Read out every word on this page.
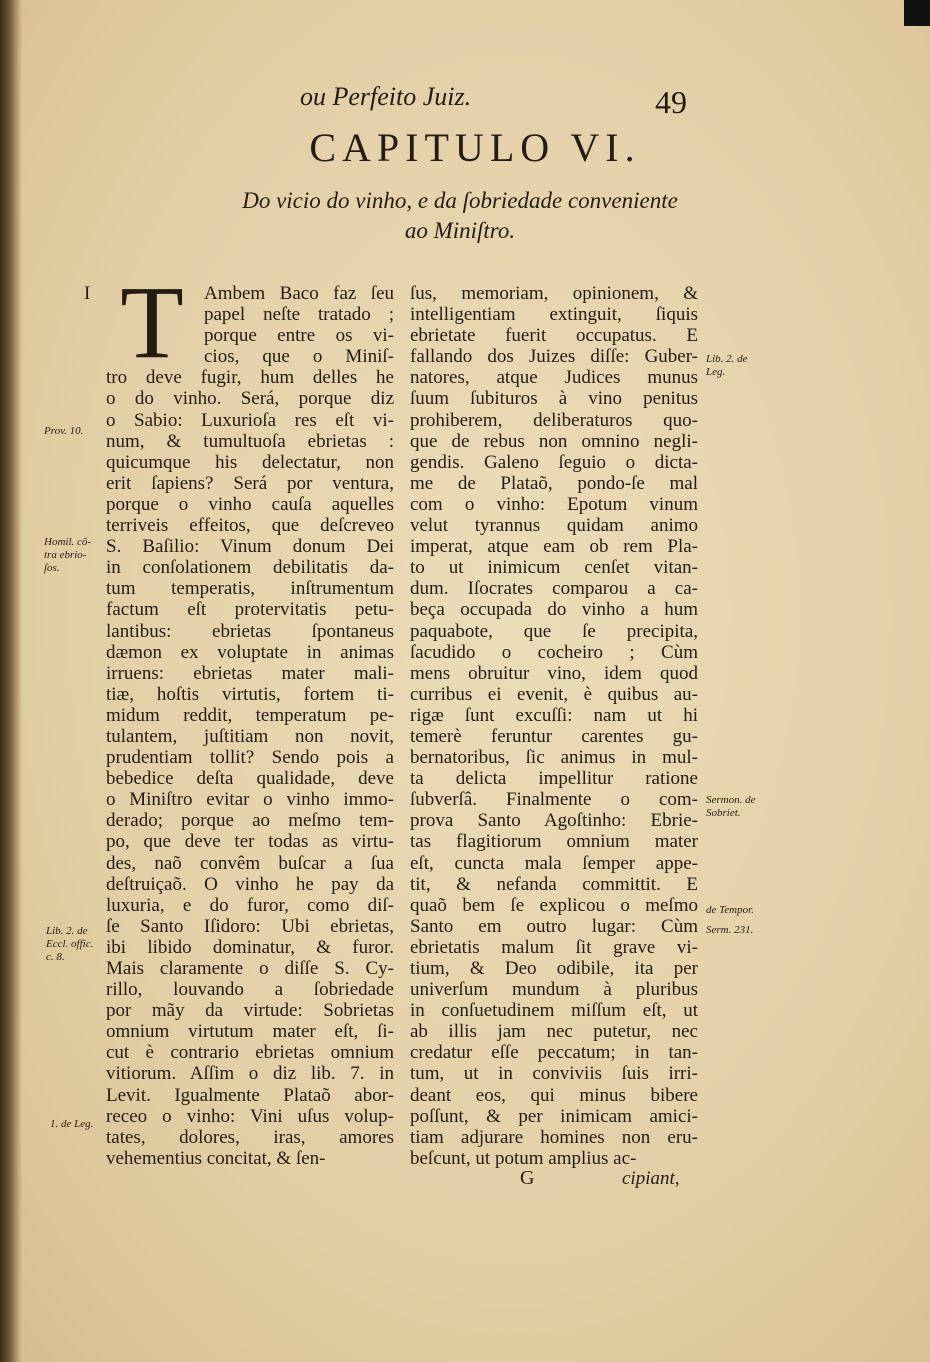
ou Perfeito Juiz.	49
CAPITULO VI.
Do vicio do vinho, e da ſobriedade conveniente
ao Miniſtro.
I T	Ambem Baco faz ſeu
papel neſte tratado ;
porque entre os vi-
cios, que o Miniſ-
tro deve fugir, hum delles he
o do vinho. Será, porque diz
o Sabio: Luxurioſa res eſt vi-
num, & tumultuoſa ebrietas :
quicumque his delectatur, non
erit ſapiens? Será por ventura,
porque o vinho cauſa aquelles
terriveis effeitos, que deſcreveo
S. Baſilio: Vinum donum Dei
in conſolationem debilitatis da-
tum temperatis, inſtrumentum
factum eſt protervitatis petu-
lantibus: ebrietas ſpontaneus
dæmon ex voluptate in animas
irruens: ebrietas mater mali-
tiæ, hoſtis virtutis, fortem ti-
midum reddit, temperatum pe-
tulantem, juſtitiam non novit,
prudentiam tollit? Sendo pois a
bebedice deſta qualidade, deve
o Miniſtro evitar o vinho immo-
derado; porque ao meſmo tem-
po, que deve ter todas as virtu-
des, naõ convêm buſcar a ſua
deſtruiçaõ. O vinho he pay da
luxuria, e do furor, como diſ-
ſe Santo Iſidoro: Ubi ebrietas,
ibi libido dominatur, & furor.
Mais claramente o diſſe S. Cy-
rillo, louvando a ſobriedade
por mãy da virtude: Sobrietas
omnium virtutum mater eſt, ſi-
cut è contrario ebrietas omnium
vitiorum. Aſſim o diz lib. 7. in
Levit. Igualmente Plataõ abor-
receo o vinho: Vini uſus volup-
tates, dolores, iras, amores
vehementius concitat, & ſen-
ſus, memoriam, opinionem, &
intelligentiam extinguit, ſiquis
ebrietate fuerit occupatus. E
fallando dos Juizes diſſe: Guber-
natores, atque Judices munus
ſuum ſubituros à vino penitus
prohiberem, deliberaturos quo-
que de rebus non omnino negli-
gendis. Galeno ſeguio o dicta-
me de Plataõ, pondo-ſe mal
com o vinho: Epotum vinum
velut tyrannus quidam animo
imperat, atque eam ob rem Pla-
to ut inimicum cenſet vitan-
dum. Iſocrates comparou a ca-
beça occupada do vinho a hum
paquabote, que ſe precipita,
ſacudido o cocheiro ; Cùm
mens obruitur vino, idem quod
curribus ei evenit, è quibus au-
rigæ ſunt excuſſi: nam ut hi
temerè feruntur carentes gu-
bernatoribus, ſic animus in mul-
ta delicta impellitur ratione
ſubverſâ. Finalmente o com-
prova Santo Agoſtinho: Ebrie-
tas flagitiorum omnium mater
eſt, cuncta mala ſemper appe-
tit, & nefanda committit. E
quaõ bem ſe explicou o meſmo
Santo em outro lugar: Cùm
ebrietatis malum ſit grave vi-
tium, & Deo odibile, ita per
univerſum mundum à pluribus
in conſuetudinem miſſum eſt, ut
ab illis jam nec putetur, nec
credatur eſſe peccatum; in tan-
tum, ut in conviviis ſuis irri-
deant eos, qui minus bibere
poſſunt, & per inimicam amici-
tiam adjurare homines non eru-
beſcunt, ut potum amplius ac-
G	cipiant,
Prov. 10.
Homil. cõ-
tra ebrio-
ſos.
Lib. 2. de
Eccl. offic.
c. 8.
1. de Leg.
Lib. 2. de
Leg.
Sermon. de
Sobriet.
de Tempor.
Serm. 231.
